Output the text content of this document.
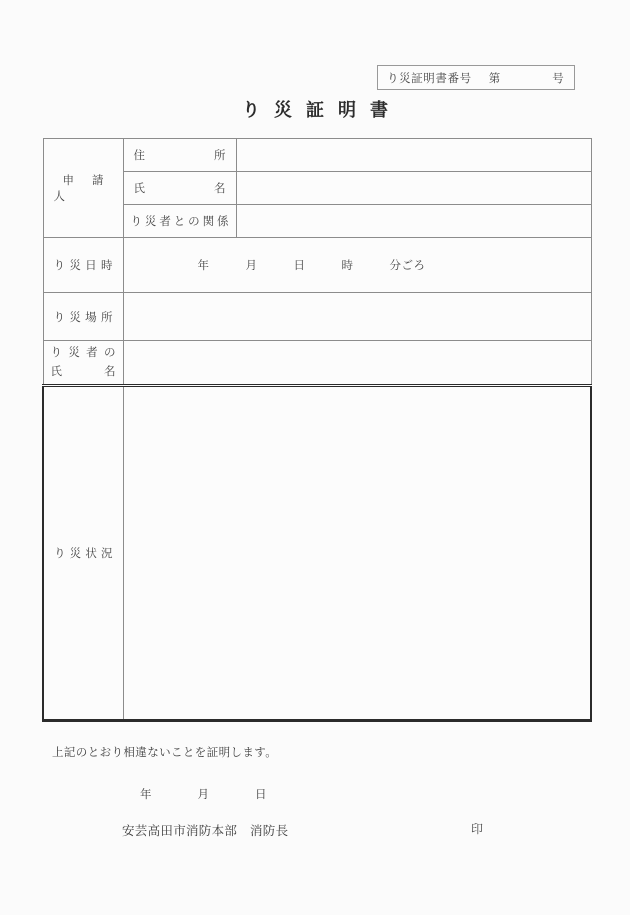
り災証明書番号 第	号
り災証明書
申請人	住所	

	氏名	

	り災者との関係	

り災日時	年　　　月　　　日　　　時　　　分ごろ	

り災場所		

り災者の
氏名		

り災状況		

上記のとおり相違ないことを証明します。
年　　　　月　　　　日
安芸高田市消防本部　消防長	印
